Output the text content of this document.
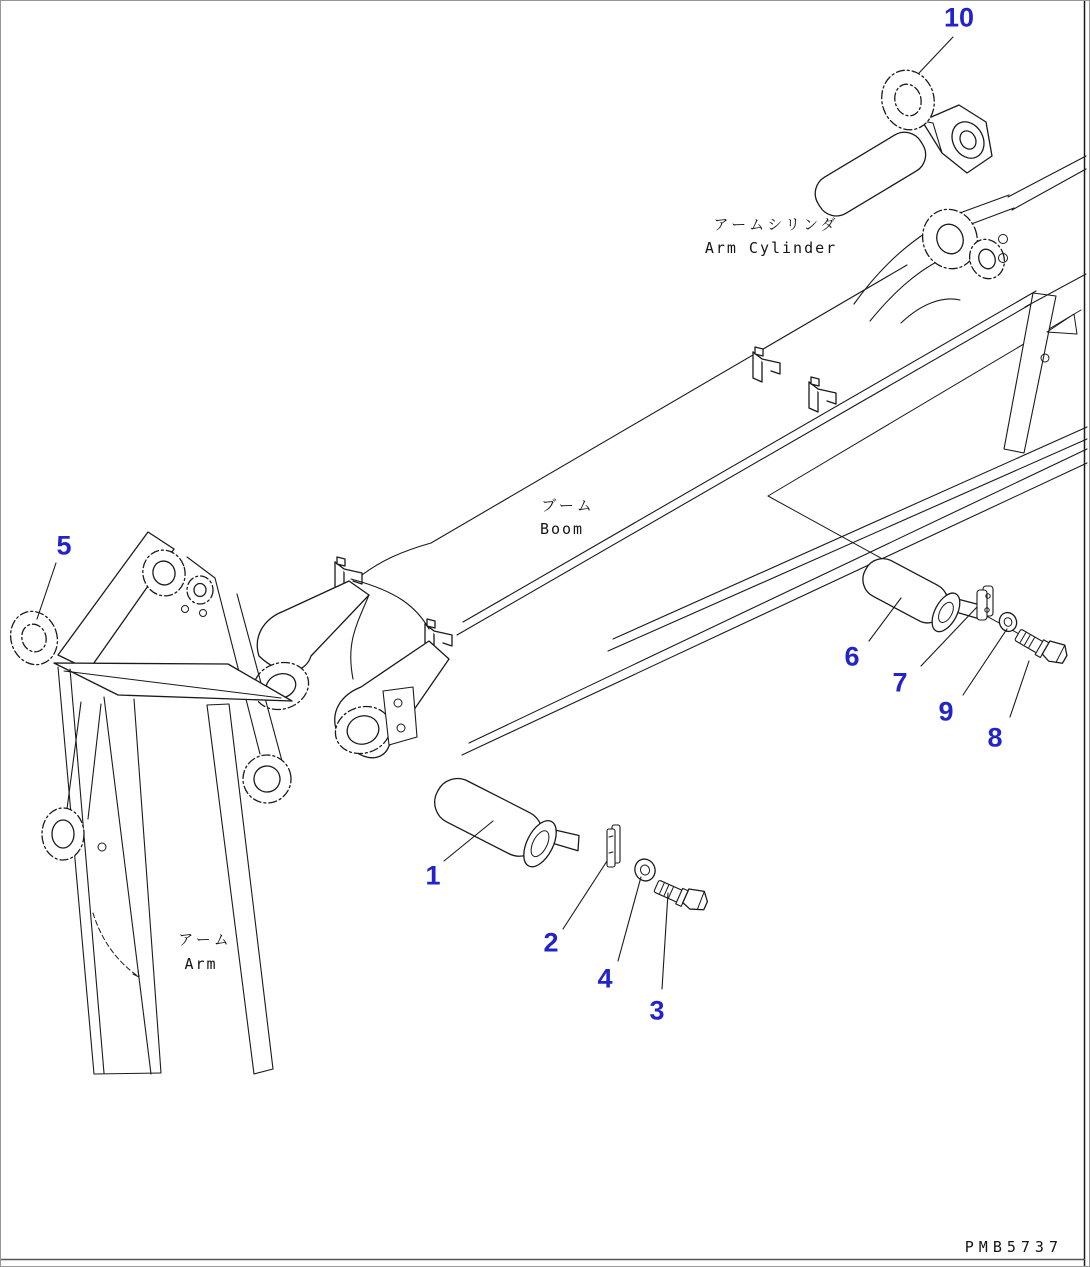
1
2
3
4
5
6
7
8
9
10
アームシリンダ
Arm Cylinder
ブーム
Boom
アーム
Arm
PMB5737
